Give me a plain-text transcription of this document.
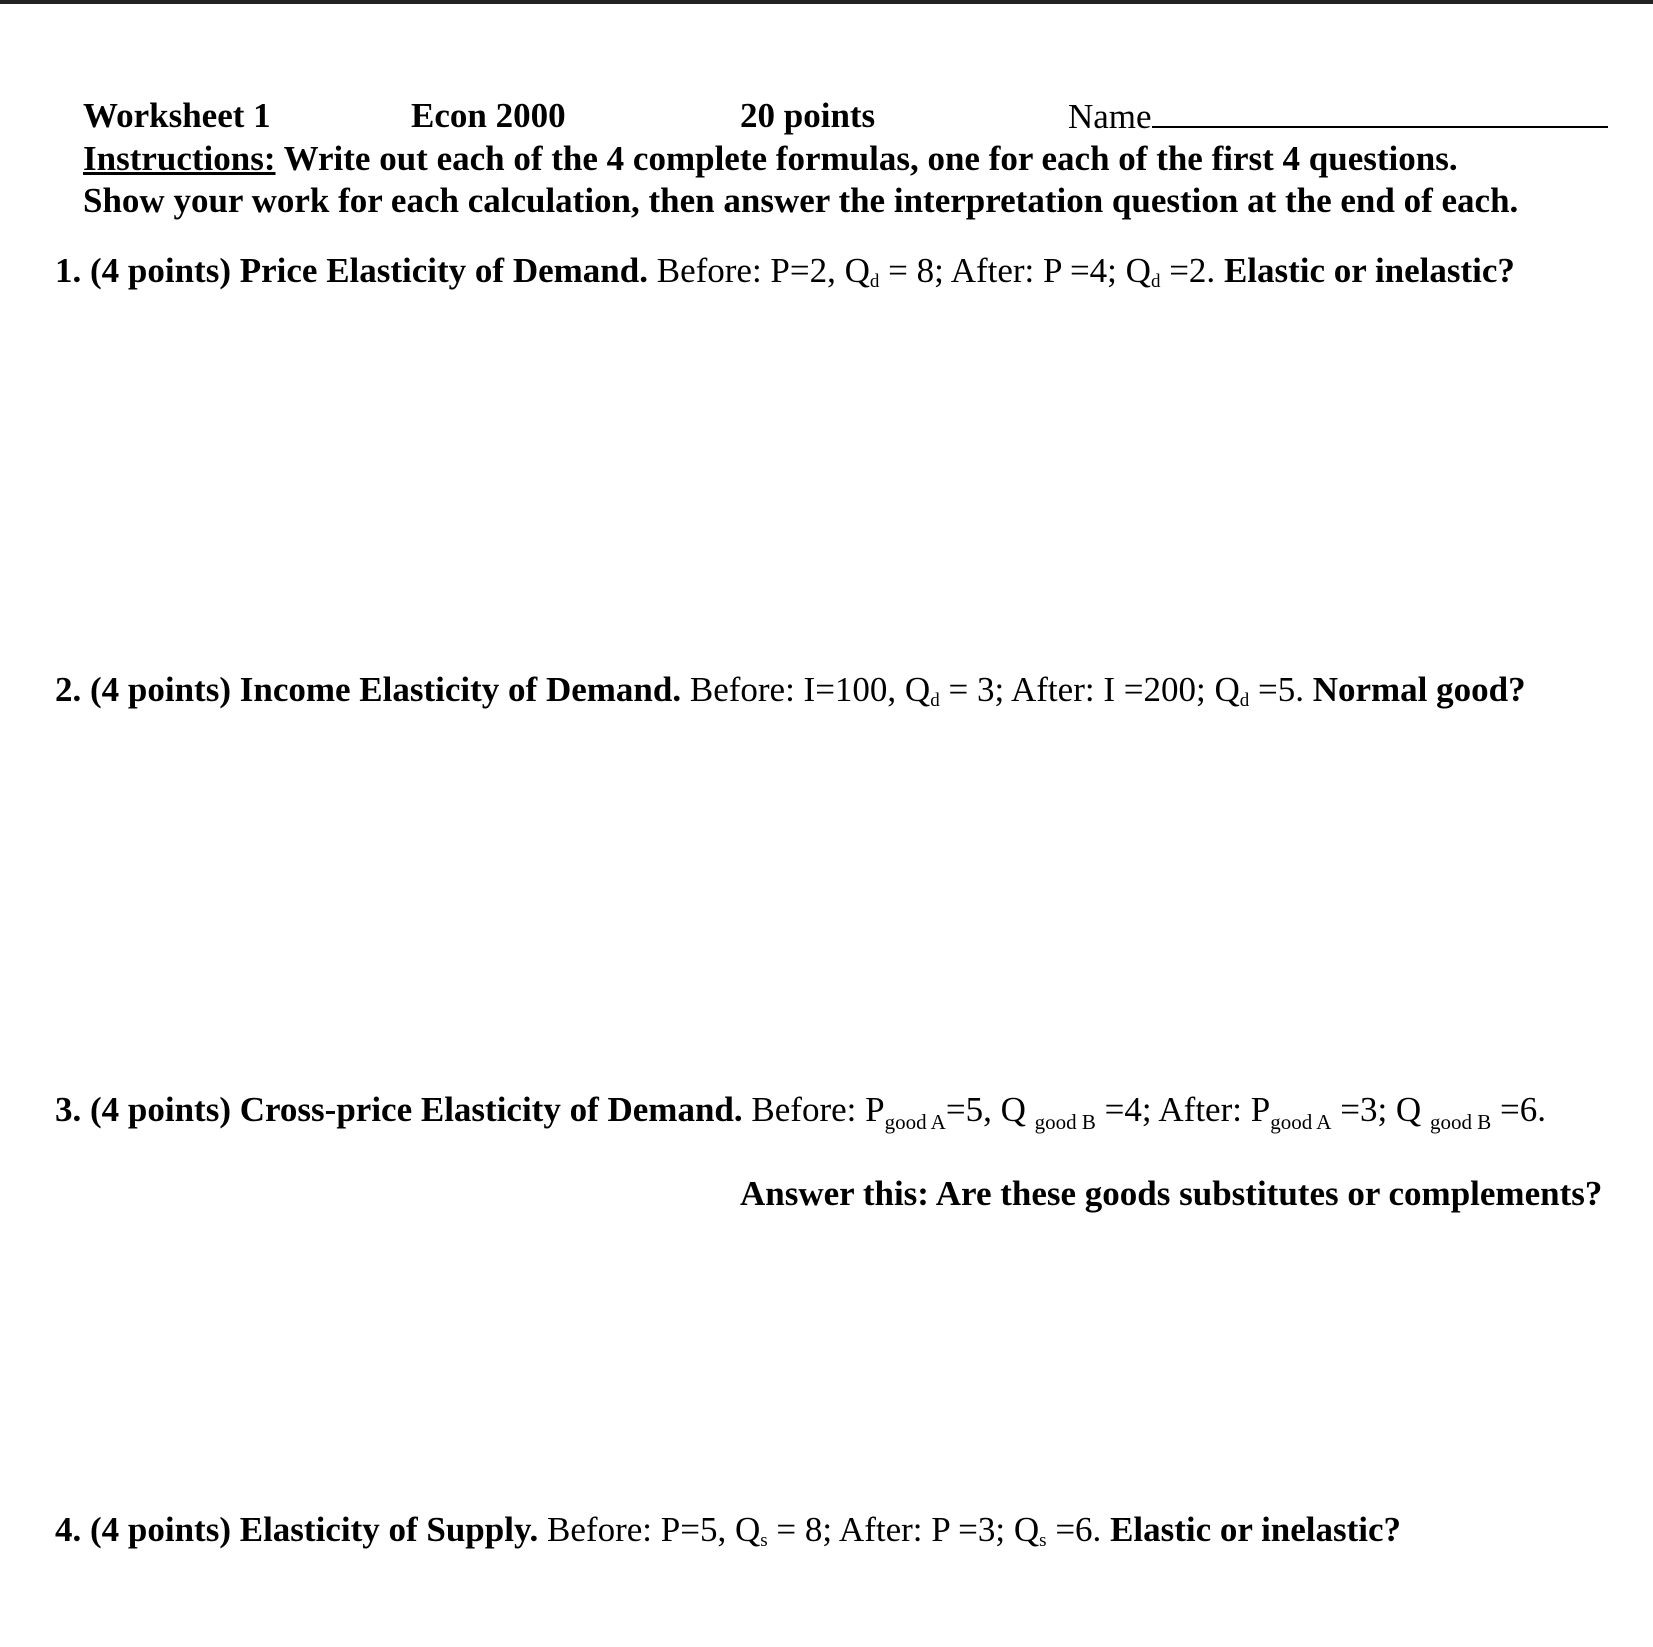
Worksheet 1	Econ 2000	20 points	Name
Instructions: Write out each of the 4 complete formulas, one for each of the first 4 questions.
Show your work for each calculation, then answer the interpretation question at the end of each.
1. (4 points) Price Elasticity of Demand. Before: P=2, Qd = 8; After: P =4; Qd =2. Elastic or inelastic?
2. (4 points) Income Elasticity of Demand. Before: I=100, Qd = 3; After: I =200; Qd =5. Normal good?
3. (4 points) Cross-price Elasticity of Demand. Before: $P_{good A}=5$, Q $_{good B}$ =4; After: $P_{good A} =3$; Q $_{good B}$ =6.
Answer this: Are these goods substitutes or complements?
4. (4 points) Elasticity of Supply. Before: P=5, Qs = 8; After: P =3; Qs =6. Elastic or inelastic?
